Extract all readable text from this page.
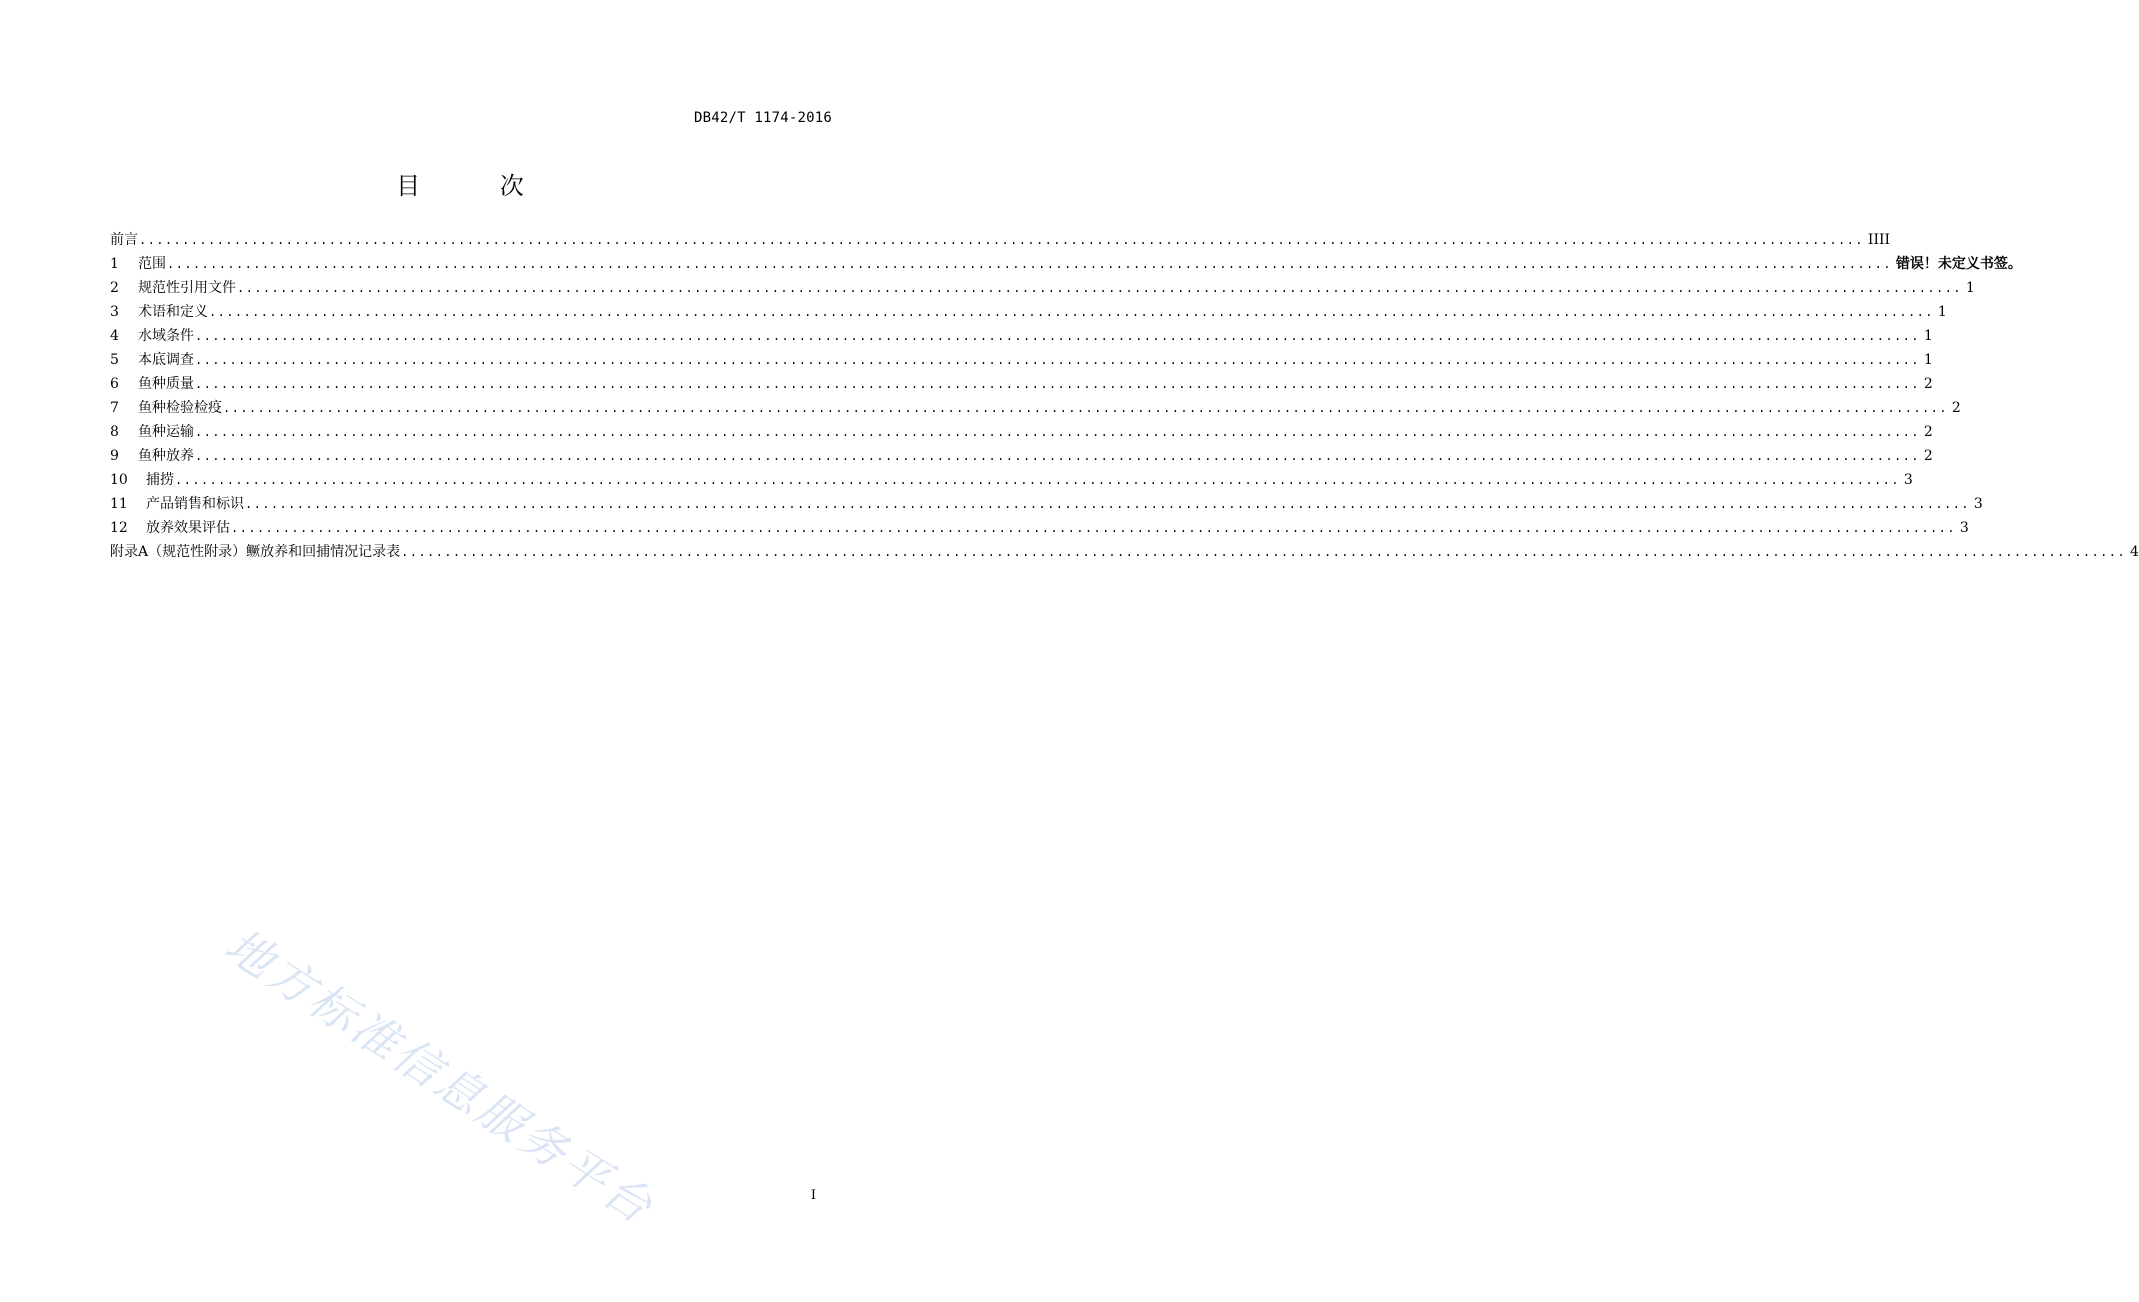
DB42/T 1174-2016
目 次
前言 ........................................................................................................................................................................................................ IIII
1	范围 ........................................................................................................................................................................................................ 错误！未定义书签。
2	规范性引用文件 ........................................................................................................................................................................................................ 1
3	术语和定义 ........................................................................................................................................................................................................ 1
4	水域条件 ........................................................................................................................................................................................................ 1
5	本底调查 ........................................................................................................................................................................................................ 1
6	鱼种质量 ........................................................................................................................................................................................................ 2
7	鱼种检验检疫 ........................................................................................................................................................................................................ 2
8	鱼种运输 ........................................................................................................................................................................................................ 2
9	鱼种放养 ........................................................................................................................................................................................................ 2
10	捕捞 ........................................................................................................................................................................................................ 3
11	产品销售和标识 ........................................................................................................................................................................................................ 3
12	放养效果评估 ........................................................................................................................................................................................................ 3
附录A（规范性附录）鳜放养和回捕情况记录表 ........................................................................................................................................................................................................ 4
地方标准信息服务平台	I
